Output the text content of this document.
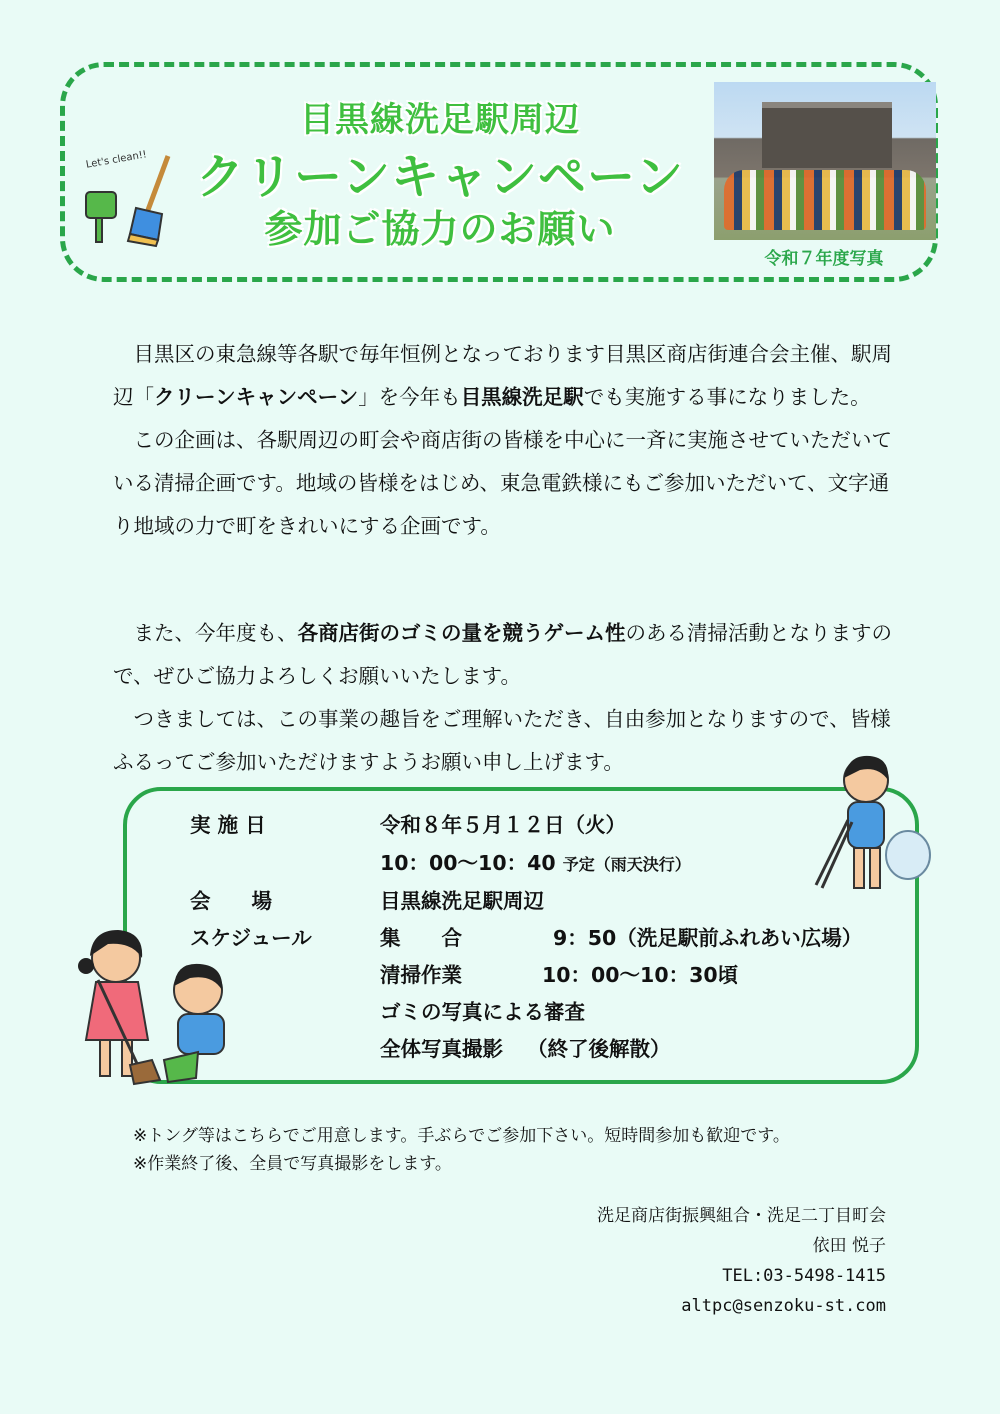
Let's clean!!
目黒線洗足駅周辺
クリーンキャンペーン
参加ご協力のお願い
令和７年度写真

　目黒区の東急線等各駅で毎年恒例となっております目黒区商店街連合会主催、駅周辺「クリーンキャンペーン」を今年も目黒線洗足駅でも実施する事になりました。

　この企画は、各駅周辺の町会や商店街の皆様を中心に一斉に実施させていただいている清掃企画です。地域の皆様をはじめ、東急電鉄様にもご参加いただいて、文字通り地域の力で町をきれいにする企画です。

　また、今年度も、各商店街のゴミの量を競うゲーム性のある清掃活動となりますので、ぜひご協力よろしくお願いいたします。

　つきましては、この事業の趣旨をご理解いただき、自由参加となりますので、皆様ふるってご参加いただけますようお願い申し上げます。

実 施 日	令和８年５月１２日（火）
10：00～10：40 予定（雨天決行）
会　　場	目黒線洗足駅周辺
スケジュール	集　　合	9：50（洗足駅前ふれあい広場）
清掃作業	10：00～10：30頃
ゴミの写真による審査
全体写真撮影 （終了後解散）
※トング等はこちらでご用意します。手ぶらでご参加下さい。短時間参加も歓迎です。
※作業終了後、全員で写真撮影をします。
洗足商店街振興組合・洗足二丁目町会
依田 悦子
TEL:03-5498-1415
altpc@senzoku-st.com
